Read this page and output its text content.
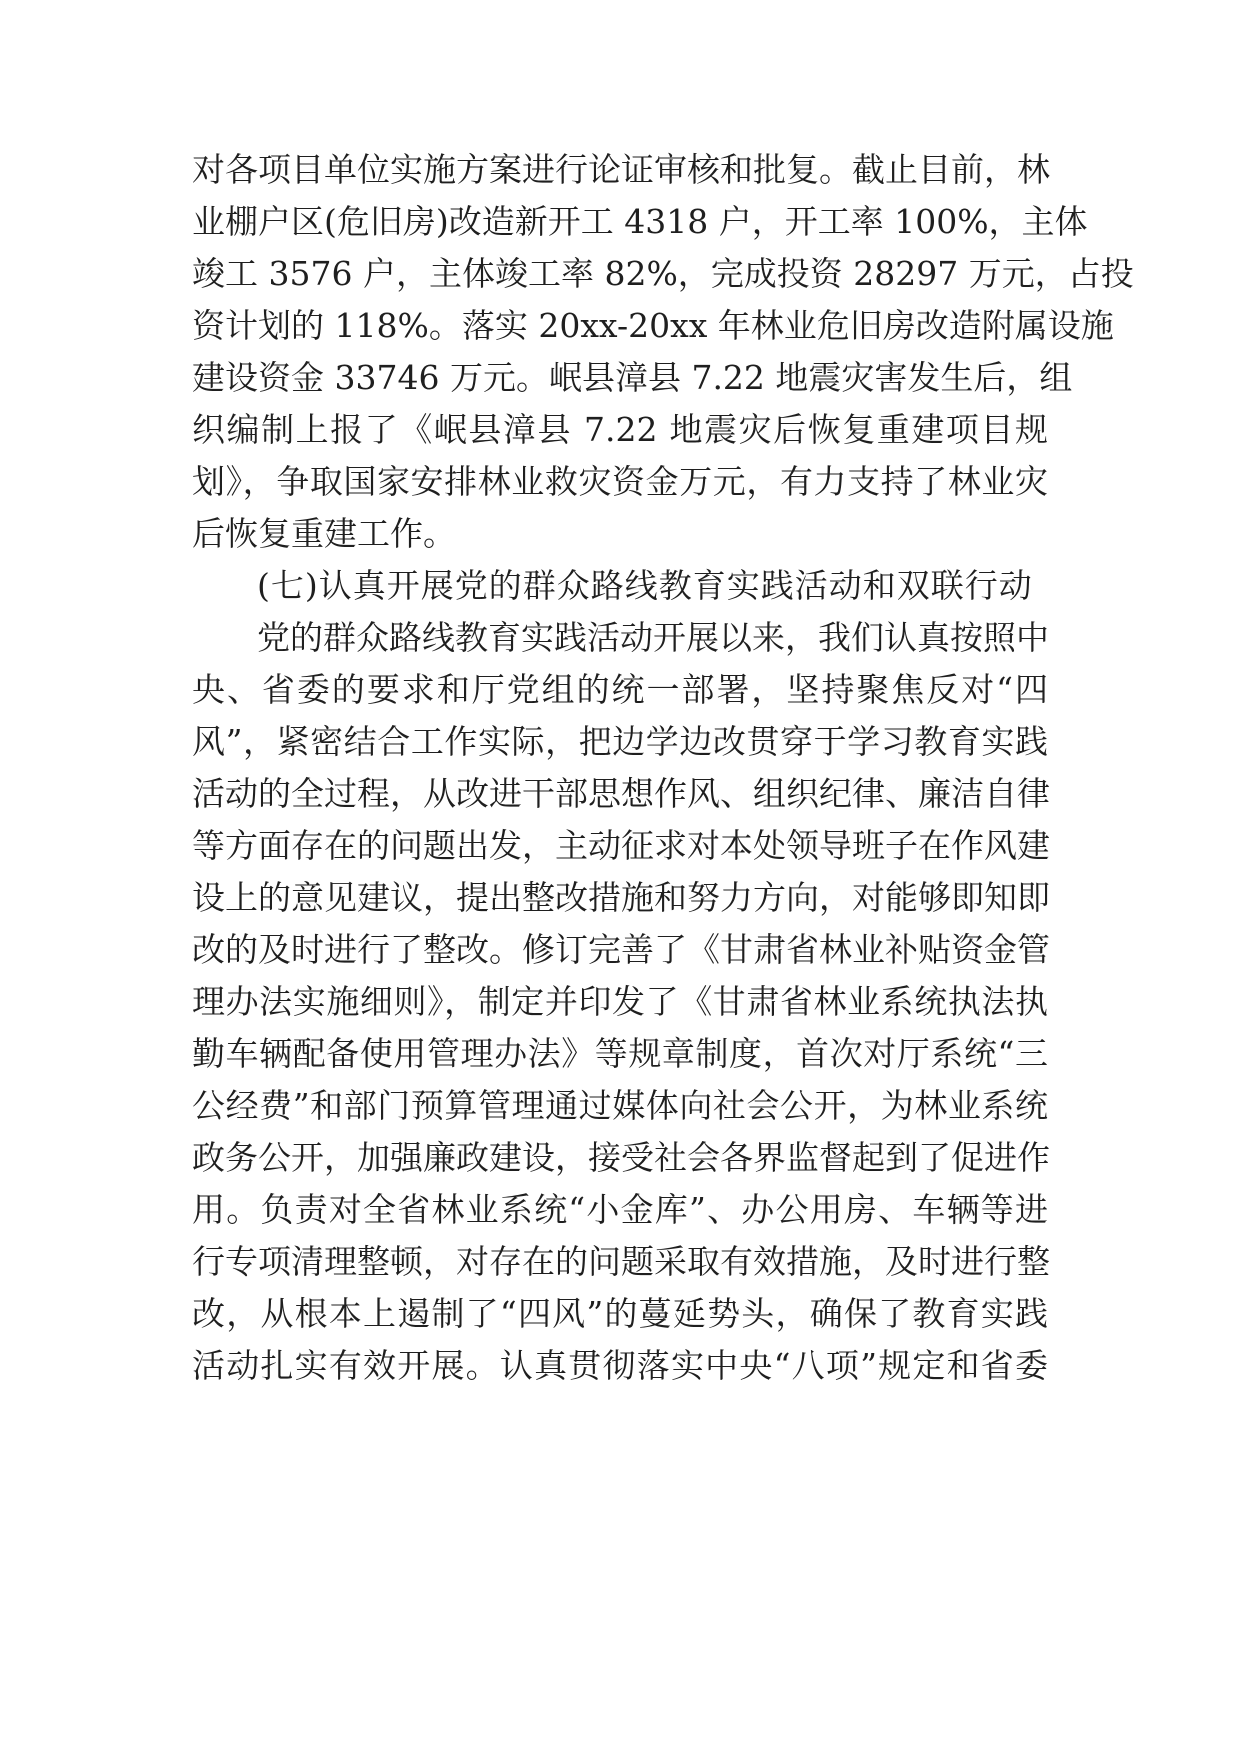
对各项目单位实施方案进行论证审核和批复。截止目前，林
业棚户区(危旧房)改造新开工 4318 户，开工率 100%，主体
竣工 3576 户，主体竣工率 82%，完成投资 28297 万元，占投
资计划的 118%。落实 20xx-20xx 年林业危旧房改造附属设施
建设资金 33746 万元。岷县漳县 7.22 地震灾害发生后，组
织编制上报了《岷县漳县 7.22 地震灾后恢复重建项目规
划》，争取国家安排林业救灾资金万元，有力支持了林业灾
后恢复重建工作。
(七)认真开展党的群众路线教育实践活动和双联行动
党的群众路线教育实践活动开展以来，我们认真按照中
央、省委的要求和厅党组的统一部署，坚持聚焦反对“四
风”，紧密结合工作实际，把边学边改贯穿于学习教育实践
活动的全过程，从改进干部思想作风、组织纪律、廉洁自律
等方面存在的问题出发，主动征求对本处领导班子在作风建
设上的意见建议，提出整改措施和努力方向，对能够即知即
改的及时进行了整改。修订完善了《甘肃省林业补贴资金管
理办法实施细则》，制定并印发了《甘肃省林业系统执法执
勤车辆配备使用管理办法》等规章制度，首次对厅系统“三
公经费”和部门预算管理通过媒体向社会公开，为林业系统
政务公开，加强廉政建设，接受社会各界监督起到了促进作
用。负责对全省林业系统“小金库”、办公用房、车辆等进
行专项清理整顿，对存在的问题采取有效措施，及时进行整
改，从根本上遏制了“四风”的蔓延势头，确保了教育实践
活动扎实有效开展。认真贯彻落实中央“八项”规定和省委
